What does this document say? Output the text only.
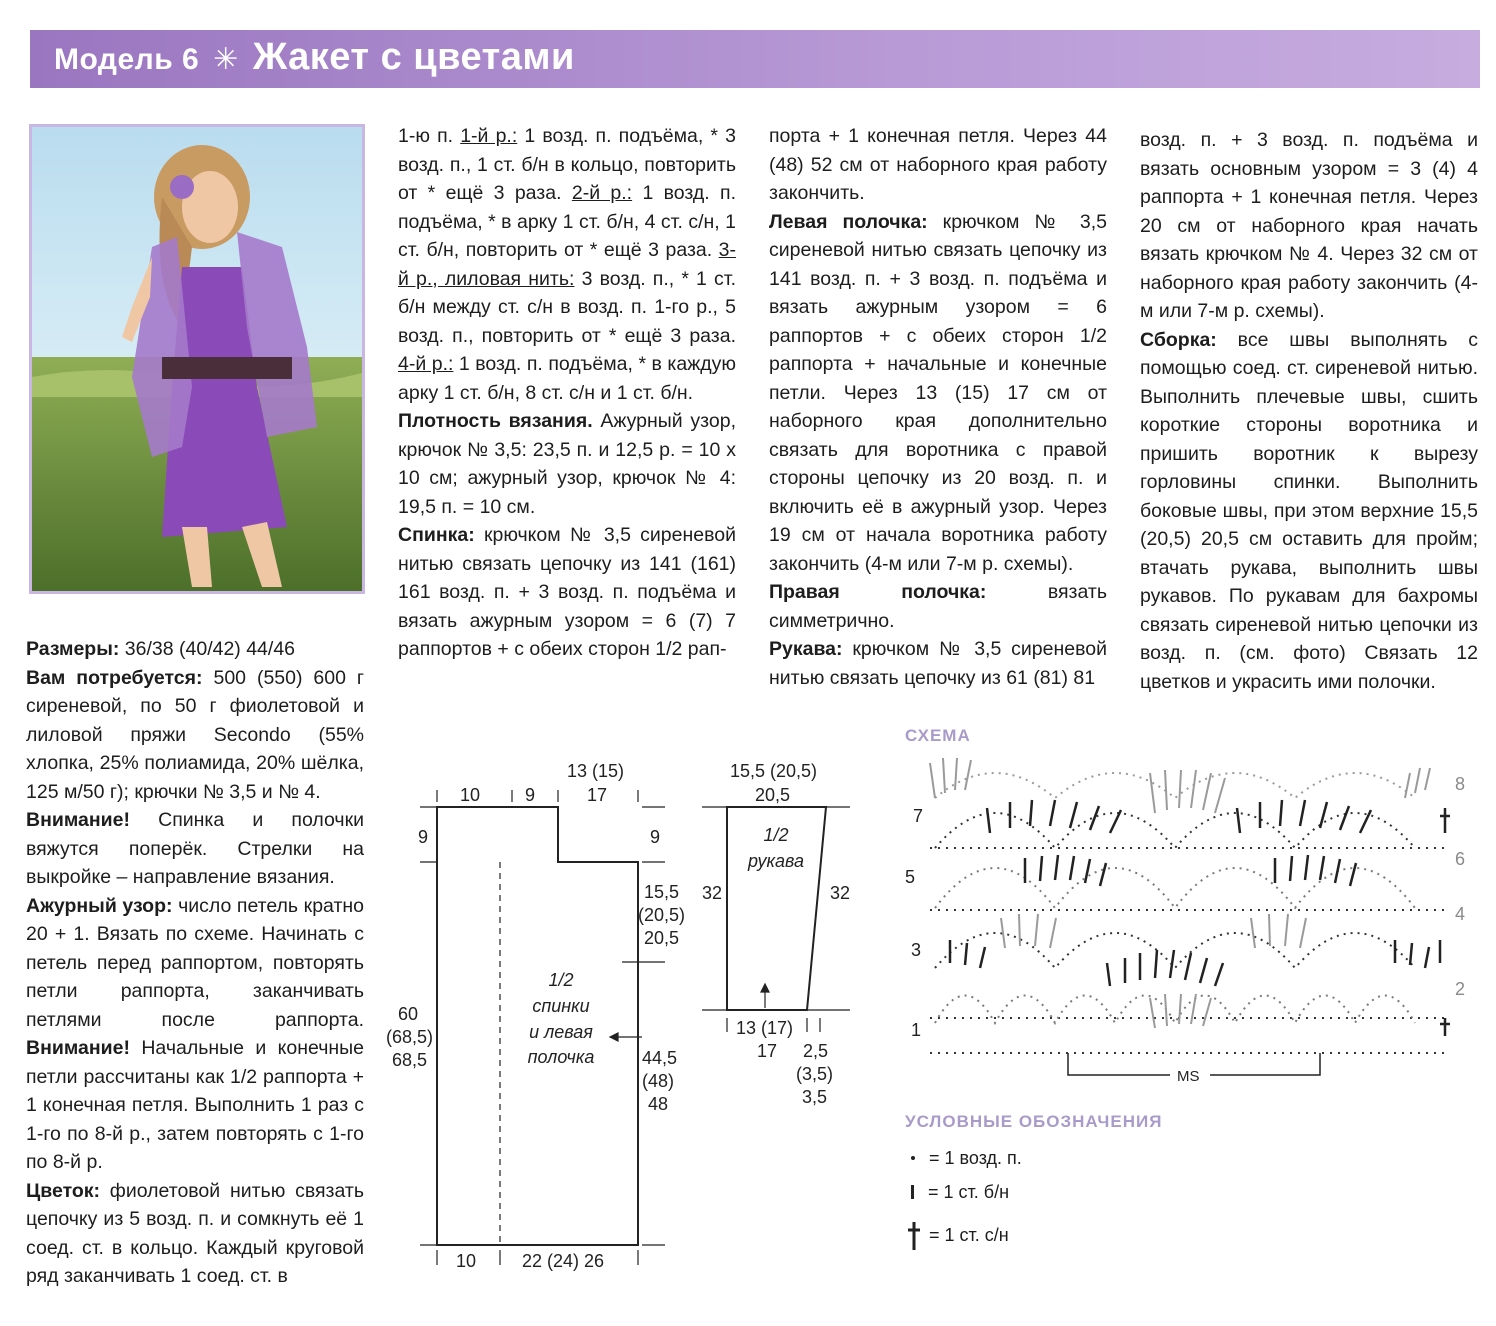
Модель 6 ✳ Жакет с цветами

Размеры: 36/38 (40/42) 44/46

Вам потребуется: 500 (550) 600 г сиреневой, по 50 г фиолетовой и лиловой пряжи Secondo (55% хлопка, 25% полиамида, 20% шёлка, 125 м/50 г); крючки № 3,5 и № 4.

Внимание! Спинка и полочки вяжутся поперёк. Стрелки на выкройке – направление вязания.

Ажурный узор: число петель кратно 20 + 1. Вязать по схеме. Начинать с петель перед раппортом, повторять петли раппорта, заканчивать петлями после раппорта. Внимание! Начальные и конечные петли рассчитаны как 1/2 раппорта + 1 конечная петля. Выполнить 1 раз с 1-го по 8-й р., затем повторять с 1-го по 8-й р.

Цветок: фиолетовой нитью связать цепочку из 5 возд. п. и сомкнуть её 1 соед. ст. в кольцо. Каждый круговой ряд заканчивать 1 соед. ст. в

1-ю п. 1-й р.: 1 возд. п. подъёма, * 3 возд. п., 1 ст. б/н в кольцо, повторить от * ещё 3 раза. 2-й р.: 1 возд. п. подъёма, * в арку 1 ст. б/н, 4 ст. с/н, 1 ст. б/н, повторить от * ещё 3 раза. 3-й р., лиловая нить: 3 возд. п., * 1 ст. б/н между ст. с/н в возд. п. 1-го р., 5 возд. п., повторить от * ещё 3 раза. 4-й р.: 1 возд. п. подъёма, * в каждую арку 1 ст. б/н, 8 ст. с/н и 1 ст. б/н.

Плотность вязания. Ажурный узор, крючок № 3,5: 23,5 п. и 12,5 р. = 10 х 10 см; ажурный узор, крючок № 4: 19,5 п. = 10 см.

Спинка: крючком № 3,5 сиреневой нитью связать цепочку из 141 (161) 161 возд. п. + 3 возд. п. подъёма и вязать ажурным узором = 6 (7) 7 раппортов + с обеих сторон 1/2 рап-

порта + 1 конечная петля. Через 44 (48) 52 см от наборного края работу закончить.

Левая полочка: крючком № 3,5 сиреневой нитью связать цепочку из 141 возд. п. + 3 возд. п. подъёма и вязать ажурным узором = 6 раппортов + с обеих сторон 1/2 раппорта + начальные и конечные петли. Через 13 (15) 17 см от наборного края дополнительно связать для воротника с правой стороны цепочку из 20 возд. п. и включить её в ажурный узор. Через 19 см от начала воротника работу закончить (4-м или 7-м р. схемы).

Правая полочка: вязать симметрично.

Рукава: крючком № 3,5 сиреневой нитью связать цепочку из 61 (81) 81

возд. п. + 3 возд. п. подъёма и вязать основным узором = 3 (4) 4 раппорта + 1 конечная петля. Через 20 см от наборного края начать вязать крючком № 4. Через 32 см от наборного края работу закончить (4-м или 7-м р. схемы).

Сборка: все швы выполнять с помощью соед. ст. сиреневой нитью. Выполнить плечевые швы, сшить короткие стороны воротника и пришить воротник к вырезу горловины спинки. Выполнить боковые швы, при этом верхние 15,5 (20,5) 20,5 см оставить для пройм; втачать рукава, выполнить швы рукавов. По рукавам для бахромы связать сиреневой нитью цепочки из возд. п. (см. фото) Связать 12 цветков и украсить ими полочки.

10 9
13 (15)
17
9	9
15,5
(20,5)
20,5
60
(68,5)
68,5	44,5
(48)
48
1/2
спинки
и левая
полочка
10	22 (24) 26
15,5 (20,5)
20,5
1/2
рукава
32	32
13 (17)
17 2,5
(3,5)
3,5
СХЕМА
7
5
3
1
8
6
4
2
MS
УСЛОВНЫЕ ОБОЗНАЧЕНИЯ
= 1 возд. п.
= 1 ст. б/н
= 1 ст. с/н
